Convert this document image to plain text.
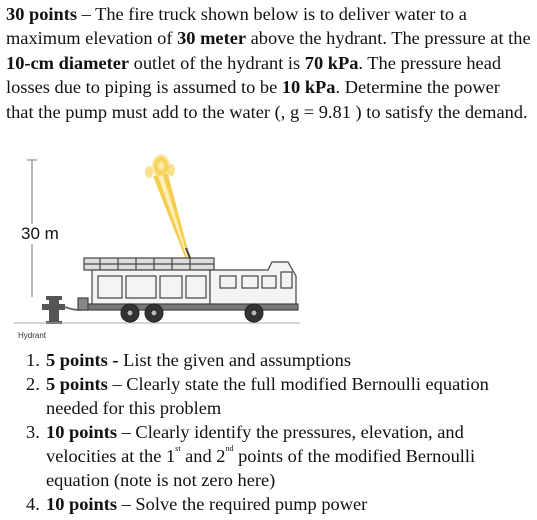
30 points – The fire truck shown below is to deliver water to a maximum elevation of 30 meter above the hydrant. The pressure at the 10-cm diameter outlet of the hydrant is 70 kPa. The pressure head losses due to piping is assumed to be 10 kPa. Determine the power that the pump must add to the water (, g = 9.81 ) to satisfy the demand.
30 m
Hydrant
1. 5 points - List the given and assumptions
2. 5 points – Clearly state the full modified Bernoulli equation needed for this problem
3. 10 points – Clearly identify the pressures, elevation, and velocities at the 1st and 2nd points of the modified Bernoulli equation (note is not zero here)
4. 10 points – Solve the required pump power
